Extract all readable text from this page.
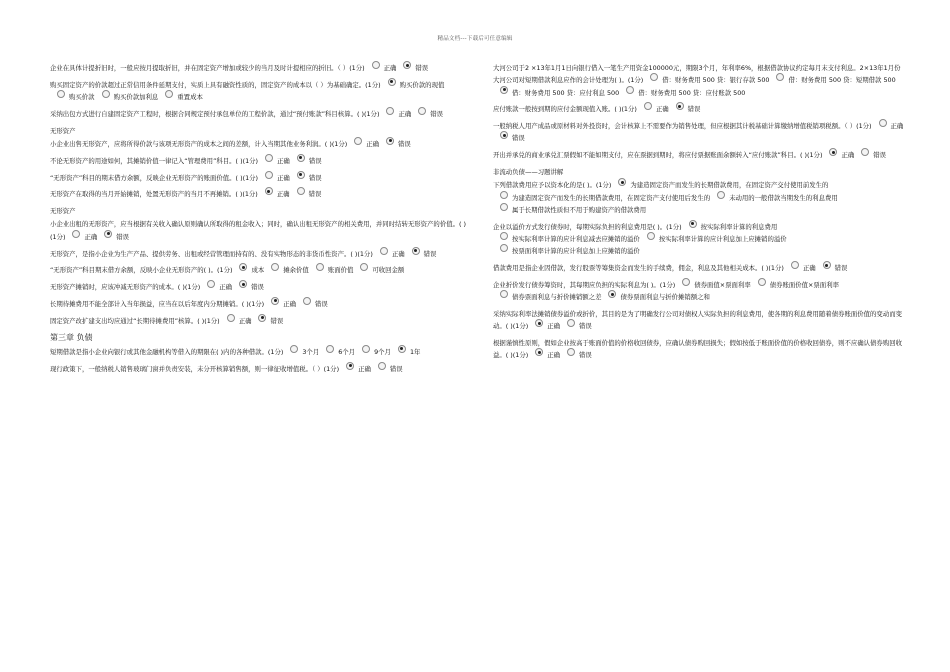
精品文档---下载后可任意编辑
企业在具体计提折旧时，一般应按月提取折旧，并在固定资产增加或较少的当月及时计提相应的折旧。（ ）(1分)	正确	错误
购买固定资产的价款超过正常信用条件延期支付，实质上具有融资性质的，固定资产的成本以（ ）为基础确定。(1分)	购买价款的现值购买价款	购买价款加利息	重置成本
采纳出包方式进行自建固定资产工程时，根据合同规定预付承包单位的工程价款，通过“预付账款”科目核算。( )(1分)	正确	错误
无形资产
小企业出售无形资产，应将所得价款与该项无形资产的成本之间的差额，计入当期其他业务利润。( )(1分)	正确	错误
不论无形资产的用途如何，其摊销价值一律记入“管理费用”科目。( )(1分)	正确	错误
“无形资产”科目的期末借方余额，反映企业无形资产的账面价值。( )(1分)	正确	错误
无形资产在取得的当月开始摊销，处置无形资产的当月不再摊销。( )(1分)	正确	错误
无形资产
小企业出租的无形资产，应当根据有关收入确认原则确认所取得的租金收入；同时，确认出租无形资产的相关费用，并同时结转无形资产的价值。( )(1分)	正确	错误
无形资产，是指小企业为生产产品、提供劳务、出租或经营管理而持有的、没有实物形态的非货币性资产。( )(1分)	正确	错误
“无形资产”科目期末借方余额，反映小企业无形资产的( )。(1分)	成本	摊余价值	账面价值	可收回金额
无形资产摊销时，应该冲减无形资产的成本。( )(1分)	正确	错误
长期待摊费用不能全部计入当年损益，应当在以后年度内分期摊销。( )(1分)	正确	错误
固定资产改扩建支出均应通过“长期待摊费用”核算。( )(1分)	正确	错误
第三章 负债
短期借款是指小企业向银行或其他金融机构等借入的期限在( )内的各种借款。(1分)	3个月	6个月	9个月	1年
现行政策下，一般纳税人销售玻璃门窗并负责安装，未分开核算销售额，则一律征收增值税。（ ）(1分)	正确	错误
大河公司于2 ×13年1月1日向银行借入一笔生产用资金100000元，期限3个月，年利率6%，根据借款协议约定每月末支付利息。2×13年1月份大河公司对短期借款利息应作的会计处理为( )。(1分)	借：财务费用 500 贷：银行存款 500	借：财务费用 500 贷：短期借款 500借：财务费用 500 贷：应付利息 500	借：财务费用 500 贷：应付账款 500
应付账款一般按到期的应付金额现值入账。( )(1分)	正确	错误
一般纳税人用产成品或原材料对外投资时，会计核算上不需要作为销售处理，但应根据其计税基础计算缴纳增值税销项税额。（ ）(1分)	正确错误
开出并承兑的商业承兑汇票假如不能如期支付，应在票据到期时，将应付票据账面余额转入“应付账款”科目。( )(1分)	正确	错误
非流动负债——习题讲解
下列借款费用应予以资本化的是( )。(1分)	为建造固定资产而发生的长期借款费用，在固定资产交付使用前发生的为建造固定资产而发生的长期借款费用，在固定资产支付使用后发生的	未动用的一般借款当期发生的利息费用属于长期借款性质但不用于购建资产的借款费用
企业以溢价方式发行债券时，每期实际负担的利息费用是( )。(1分)	按实际利率计算的利息费用按实际利率计算的应计利息减去应摊销的溢价	按实际利率计算的应计利息加上应摊销的溢价按票面利率计算的应计利息加上应摊销的溢价
借款费用是指企业因借款，发行股票等筹集资金而发生的手续费，佣金，利息及其他相关成本。( )(1分)	正确	错误
企业折价发行债券筹资时，其每期应负担的实际利息为( )。(1分)	债券面值×票面利率	债券账面价值×票面利率债券票面利息与折价摊销额之差	债券票面利息与折价摊销额之和
采纳实际利率法摊销债券溢价或折价，其目的是为了明确发行公司对债权人实际负担的利息费用，使各期的利息费用随着债券账面价值的变动而变动。( )(1分)	正确	错误
根据谨慎性原则，假如企业按高于账面价值的价格收回债券，应确认债券购回损失；假如按低于账面价值的价格收回债券，则不应确认债券购回收益。( )(1分)	正确	错误
